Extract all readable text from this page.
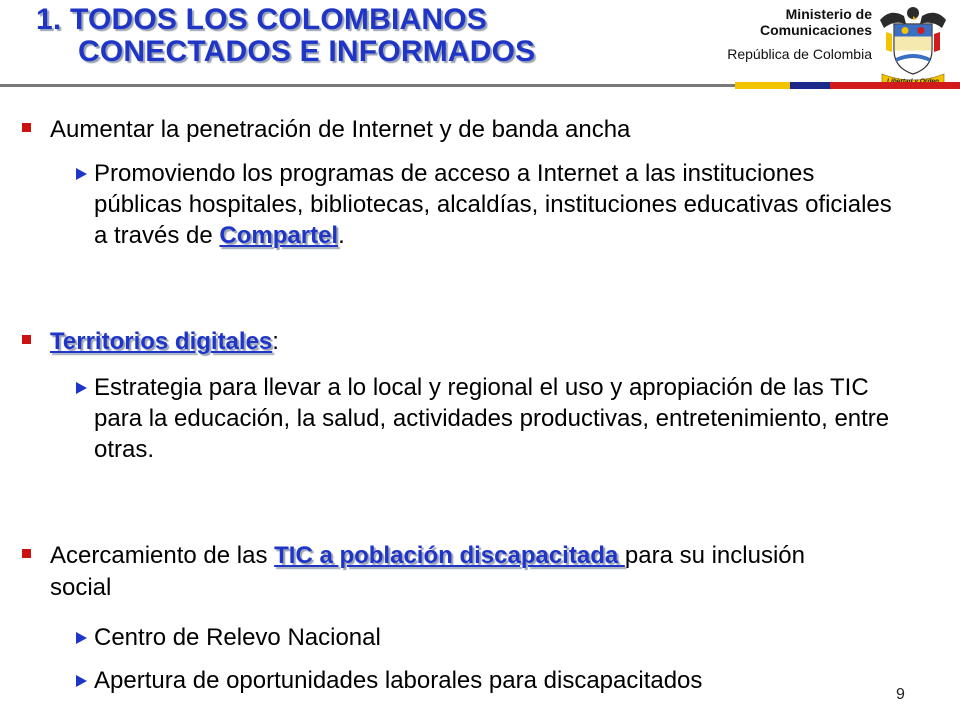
1. TODOS LOS COLOMBIANOS
CONECTADOS E INFORMADOS
Ministerio de
Comunicaciones
República de Colombia
Aumentar la penetración de Internet y de banda ancha
Promoviendo los programas de acceso a Internet a las instituciones públicas hospitales, bibliotecas, alcaldías, instituciones educativas oficiales a través de Compartel.
Territorios digitales:
Estrategia para llevar a lo local y regional el uso y apropiación de las TIC para la educación, la salud, actividades productivas, entretenimiento, entre otras.
Acercamiento de las TIC a población discapacitada para su inclusión
social
Centro de Relevo Nacional
Apertura de oportunidades laborales para discapacitados
9
